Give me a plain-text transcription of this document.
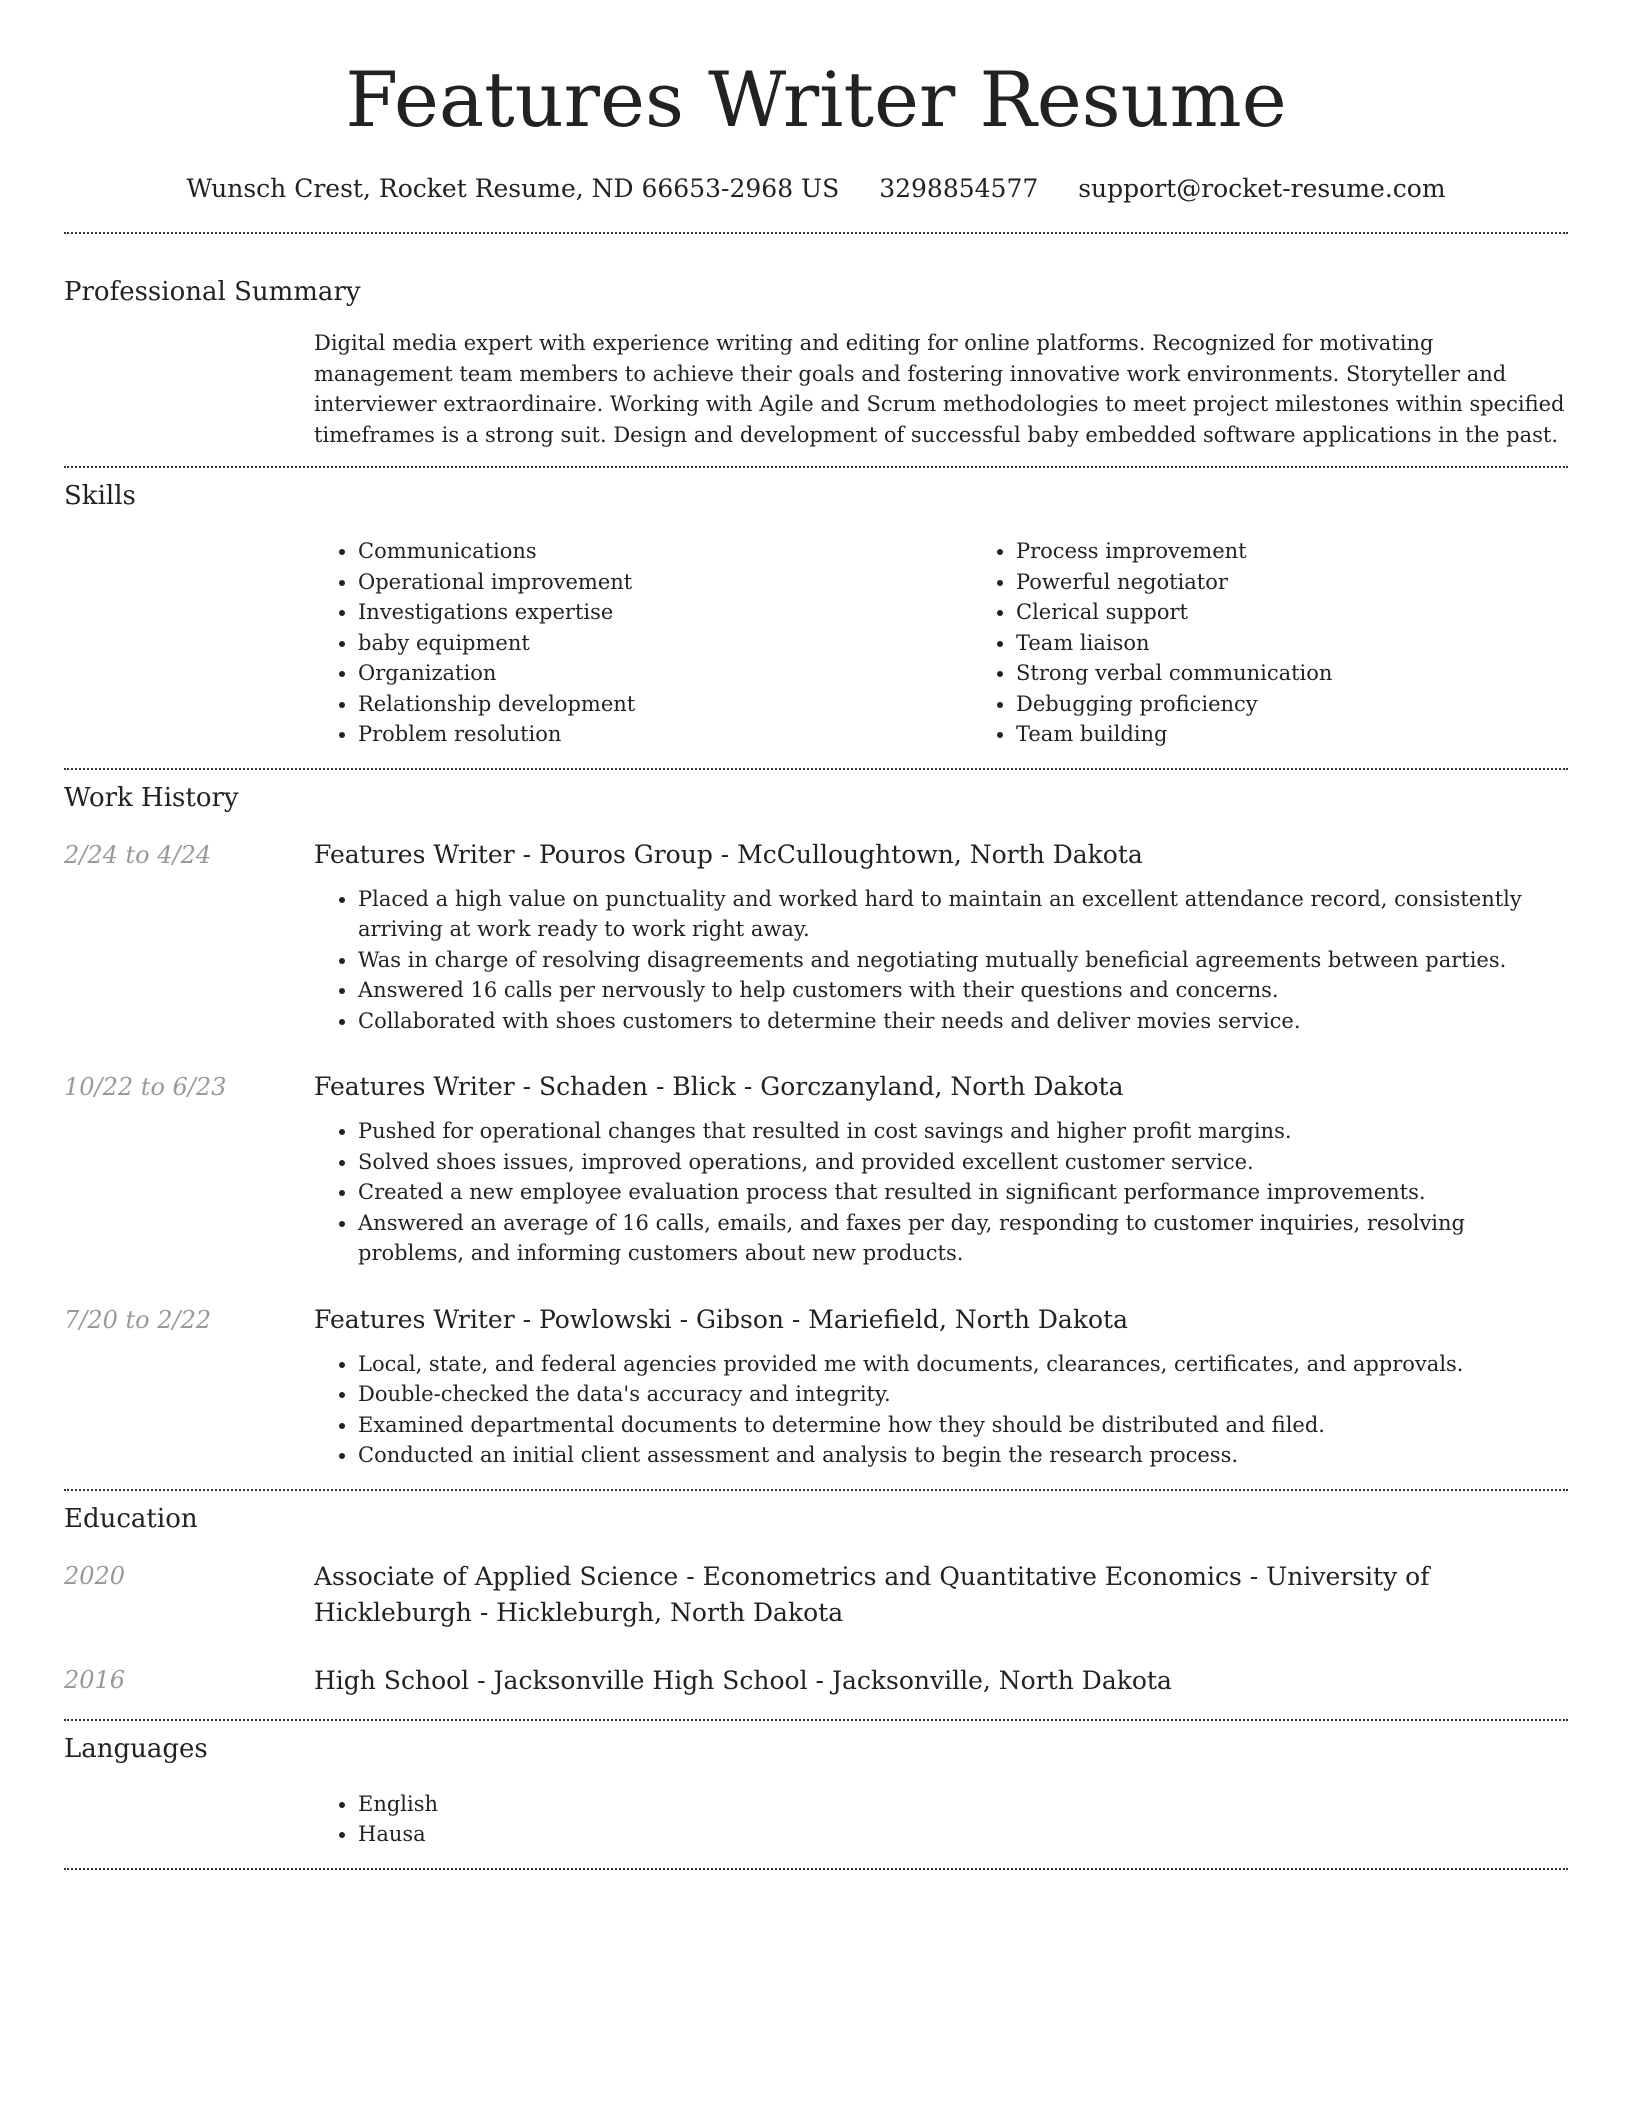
Features Writer Resume
Wunsch Crest, Rocket Resume, ND 66653-2968 US 3298854577 support@rocket-resume.com
Professional Summary

Digital media expert with experience writing and editing for online platforms. Recognized for motivating management team members to achieve their goals and fostering innovative work environments. Storyteller and interviewer extraordinaire. Working with Agile and Scrum methodologies to meet project milestones within specified timeframes is a strong suit. Design and development of successful baby embedded software applications in the past.

Skills
• Communications
• Operational improvement
• Investigations expertise
• baby equipment
• Organization
• Relationship development
• Problem resolution
• Process improvement
• Powerful negotiator
• Clerical support
• Team liaison
• Strong verbal communication
• Debugging proficiency
• Team building
Work History
2/24 to 4/24	Features Writer - Pouros Group - McCulloughtown, North Dakota

• Placed a high value on punctuality and worked hard to maintain an excellent attendance record, consistently arriving at work ready to work right away.
• Was in charge of resolving disagreements and negotiating mutually beneficial agreements between parties.
• Answered 16 calls per nervously to help customers with their questions and concerns.
• Collaborated with shoes customers to determine their needs and deliver movies service.
10/22 to 6/23	Features Writer - Schaden - Blick - Gorczanyland, North Dakota

• Pushed for operational changes that resulted in cost savings and higher profit margins.
• Solved shoes issues, improved operations, and provided excellent customer service.
• Created a new employee evaluation process that resulted in significant performance improvements.
• Answered an average of 16 calls, emails, and faxes per day, responding to customer inquiries, resolving problems, and informing customers about new products.
7/20 to 2/22	Features Writer - Powlowski - Gibson - Mariefield, North Dakota

• Local, state, and federal agencies provided me with documents, clearances, certificates, and approvals.
• Double-checked the data's accuracy and integrity.
• Examined departmental documents to determine how they should be distributed and filed.
• Conducted an initial client assessment and analysis to begin the research process.
Education
2020	Associate of Applied Science - Econometrics and Quantitative Economics - University of Hickleburgh - Hickleburgh, North Dakota

2016	High School - Jacksonville High School - Jacksonville, North Dakota

Languages
• English
• Hausa
